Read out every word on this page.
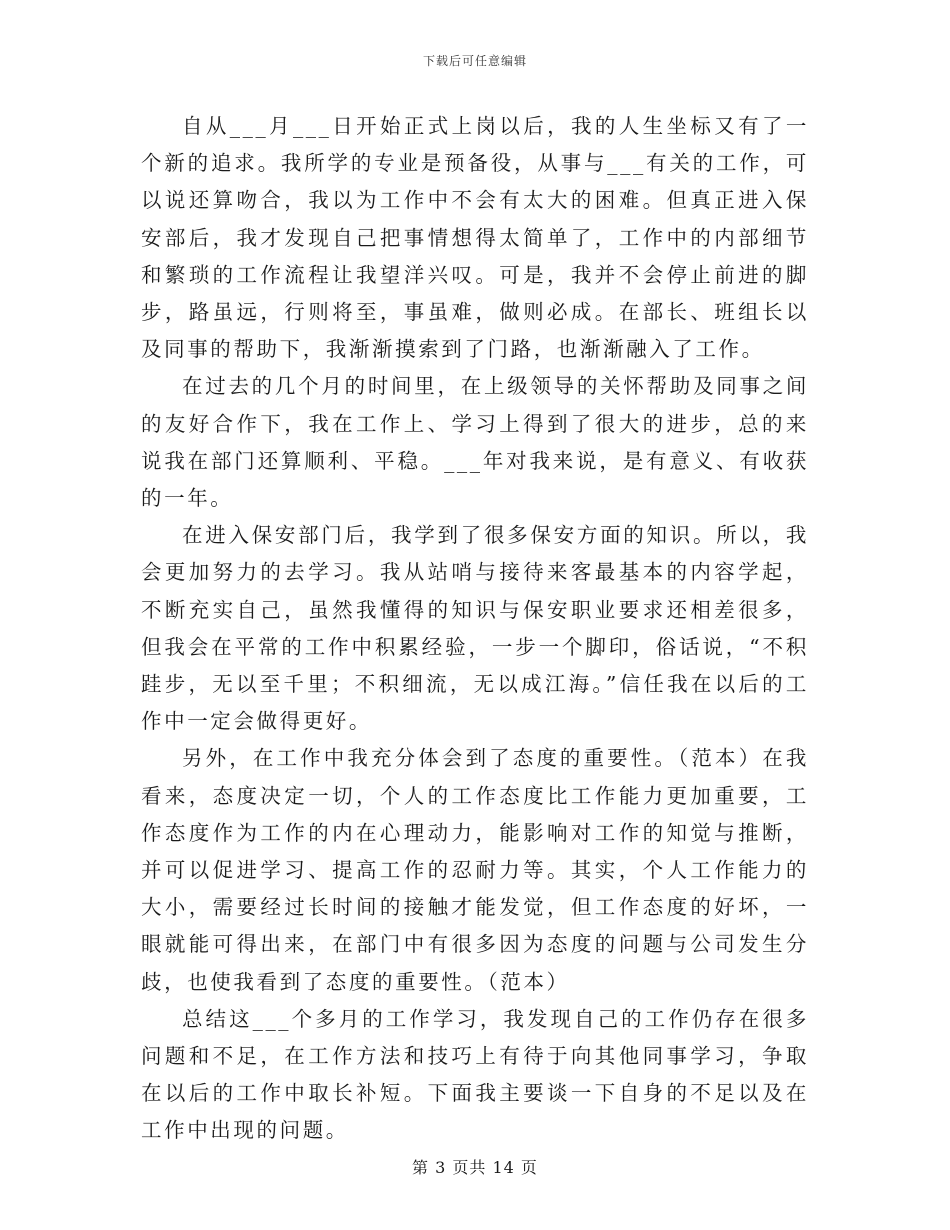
下载后可任意编辑

自从___月___日开始正式上岗以后，我的人生坐标又有了一个新的追求。我所学的专业是预备役，从事与___有关的工作，可以说还算吻合，我以为工作中不会有太大的困难。但真正进入保安部后，我才发现自己把事情想得太简单了，工作中的内部细节和繁琐的工作流程让我望洋兴叹。可是，我并不会停止前进的脚步，路虽远，行则将至，事虽难，做则必成。在部长、班组长以及同事的帮助下，我渐渐摸索到了门路，也渐渐融入了工作。

在过去的几个月的时间里，在上级领导的关怀帮助及同事之间的友好合作下，我在工作上、学习上得到了很大的进步，总的来说我在部门还算顺利、平稳。___年对我来说，是有意义、有收获的一年。

在进入保安部门后，我学到了很多保安方面的知识。所以，我会更加努力的去学习。我从站哨与接待来客最基本的内容学起，不断充实自己，虽然我懂得的知识与保安职业要求还相差很多，但我会在平常的工作中积累经验，一步一个脚印，俗话说，“不积跬步，无以至千里；不积细流，无以成江海。”信任我在以后的工作中一定会做得更好。

另外，在工作中我充分体会到了态度的重要性。（范本）在我看来，态度决定一切，个人的工作态度比工作能力更加重要，工作态度作为工作的内在心理动力，能影响对工作的知觉与推断，并可以促进学习、提高工作的忍耐力等。其实，个人工作能力的大小，需要经过长时间的接触才能发觉，但工作态度的好坏，一眼就能可得出来，在部门中有很多因为态度的问题与公司发生分歧，也使我看到了态度的重要性。（范本）

总结这___个多月的工作学习，我发现自己的工作仍存在很多问题和不足，在工作方法和技巧上有待于向其他同事学习，争取在以后的工作中取长补短。下面我主要谈一下自身的不足以及在工作中出现的问题。

第 3 页共 14 页
